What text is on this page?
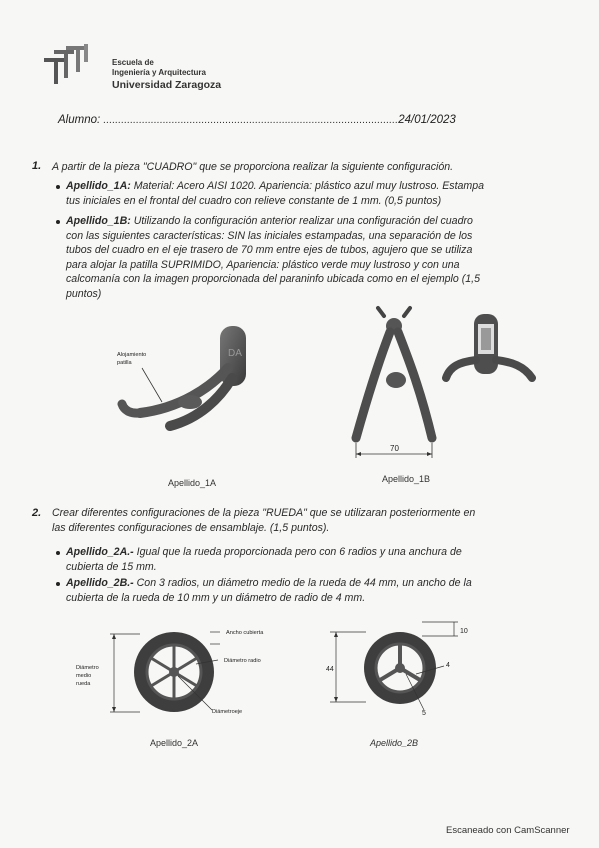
Escuela de
Ingeniería y Arquitectura
Universidad Zaragoza
Alumno: ...................................................................................................24/01/2023
1. A partir de la pieza "CUADRO" que se proporciona realizar la siguiente configuración.
Apellido_1A: Material: Acero AISI 1020. Apariencia: plástico azul muy lustroso. Estampa
tus iniciales en el frontal del cuadro con relieve constante de 1 mm. (0,5 puntos)
Apellido_1B: Utilizando la configuración anterior realizar una configuración del cuadro
con las siguientes características: SIN las iniciales estampadas, una separación de los
tubos del cuadro en el eje trasero de 70 mm entre ejes de tubos, agujero que se utiliza
para alojar la patilla SUPRIMIDO, Apariencia: plástico verde muy lustroso y con una
calcomanía con la imagen proporcionada del paraninfo ubicada como en el ejemplo (1,5
puntos)
DA
Alojamiento
patilla
Apellido_1A
70
Apellido_1B
2. Crear diferentes configuraciones de la pieza "RUEDA" que se utilizaran posteriormente en
las diferentes configuraciones de ensamblaje. (1,5 puntos).
Apellido_2A.- Igual que la rueda proporcionada pero con 6 radios y una anchura de
cubierta de 15 mm.
Apellido_2B.- Con 3 radios, un diámetro medio de la rueda de 44 mm, un ancho de la
cubierta de la rueda de 10 mm y un diámetro de radio de 4 mm.
Ancho cubierta
Diámetro radio
Diámetro
medio
rueda
Diámetroeje
Apellido_2A
10
44
4
5
Apellido_2B
Escaneado con CamScanner
